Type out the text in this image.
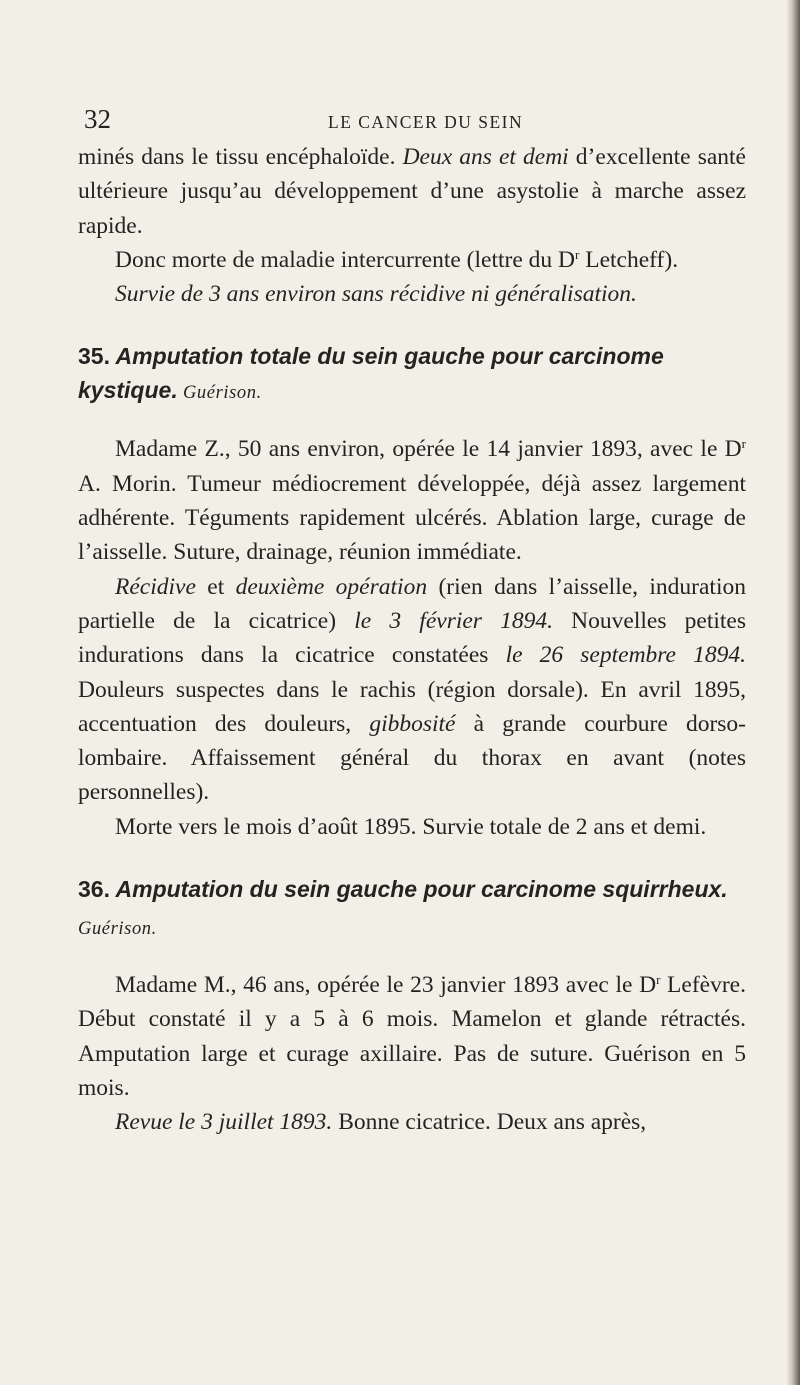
32	LE CANCER DU SEIN

minés dans le tissu encéphaloïde. Deux ans et demi d’excellente santé ultérieure jusqu’au développement d’une asystolie à marche assez rapide.

Donc morte de maladie intercurrente (lettre du $D^r$ Letcheff).

Survie de 3 ans environ sans récidive ni généralisation.

35. Amputation totale du sein gauche pour carcinome kystique. Guérison.

Madame Z., 50 ans environ, opérée le 14 janvier 1893, avec le $D^r$ A. Morin. Tumeur médiocrement développée, déjà assez largement adhérente. Téguments rapidement ulcérés. Ablation large, curage de l’aisselle. Suture, drainage, réunion immédiate.

Récidive et deuxième opération (rien dans l’aisselle, induration partielle de la cicatrice) le 3 février 1894. Nouvelles petites indurations dans la cicatrice constatées le 26 septembre 1894. Douleurs suspectes dans le rachis (région dorsale). En avril 1895, accentuation des douleurs, gibbosité à grande courbure dorso-lombaire. Affaissement général du thorax en avant (notes personnelles).

Morte vers le mois d’août 1895. Survie totale de 2 ans et demi.

36. Amputation du sein gauche pour carcinome squirrheux. Guérison.

Madame M., 46 ans, opérée le 23 janvier 1893 avec le $D^r$ Lefèvre. Début constaté il y a 5 à 6 mois. Mamelon et glande rétractés. Amputation large et curage axillaire. Pas de suture. Guérison en 5 mois.

Revue le 3 juillet 1893. Bonne cicatrice. Deux ans après,
